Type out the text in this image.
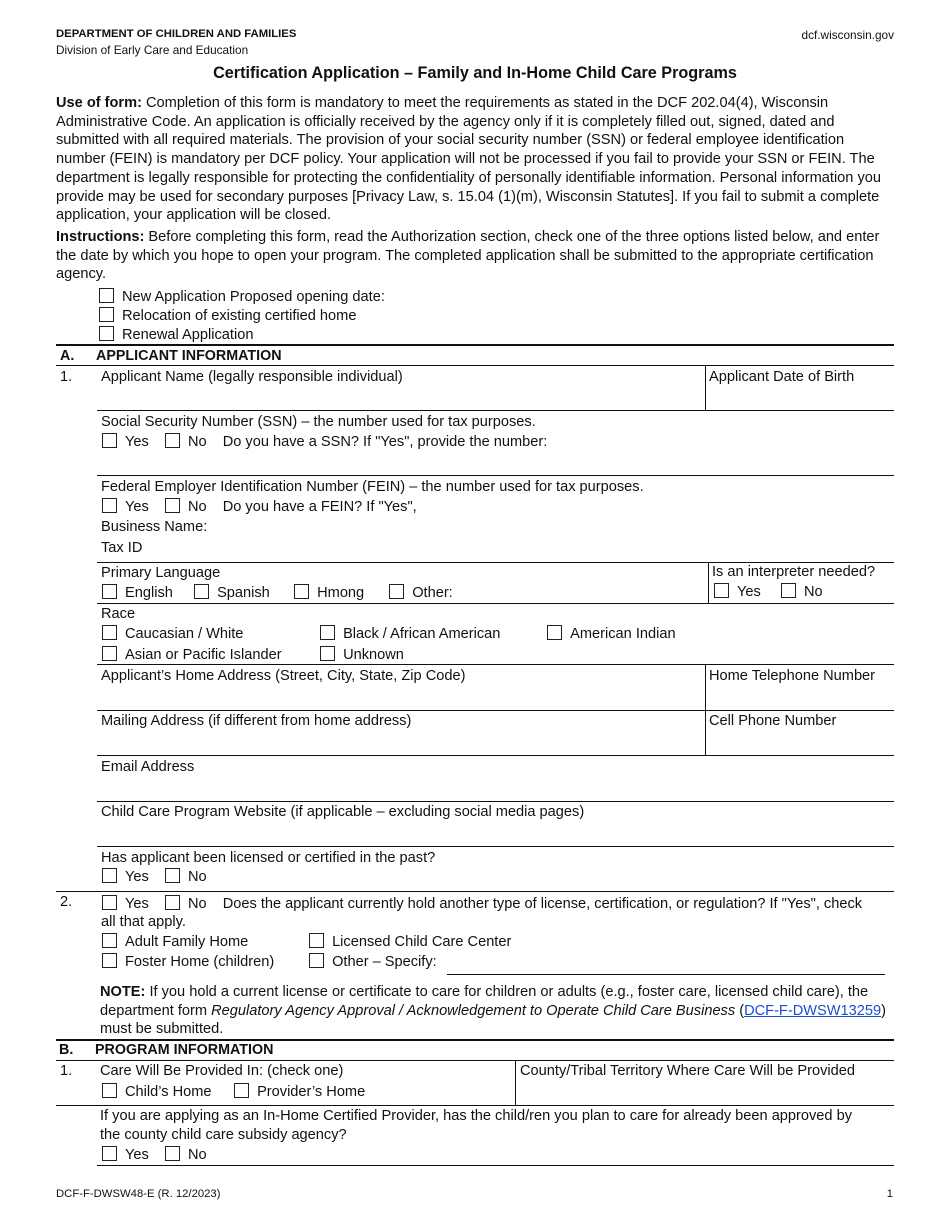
DEPARTMENT OF CHILDREN AND FAMILIES
Division of Early Care and Education
dcf.wisconsin.gov
Certification Application – Family and In-Home Child Care Programs
Use of form: Completion of this form is mandatory to meet the requirements as stated in the DCF 202.04(4), Wisconsin Administrative Code. An application is officially received by the agency only if it is completely filled out, signed, dated and submitted with all required materials. The provision of your social security number (SSN) or federal employee identification number (FEIN) is mandatory per DCF policy. Your application will not be processed if you fail to provide your SSN or FEIN. The department is legally responsible for protecting the confidentiality of personally identifiable information. Personal information you provide may be used for secondary purposes [Privacy Law, s. 15.04 (1)(m), Wisconsin Statutes]. If you fail to submit a complete application, your application will be closed.
Instructions: Before completing this form, read the Authorization section, check one of the three options listed below, and enter the date by which you hope to open your program. The completed application shall be submitted to the appropriate certification agency.
New Application Proposed opening date:
Relocation of existing certified home
Renewal Application
A. APPLICANT INFORMATION
1. Applicant Name (legally responsible individual)	Applicant Date of Birth
Social Security Number (SSN) – the number used for tax purposes.
Yes	No Do you have a SSN? If "Yes", provide the number:
Federal Employer Identification Number (FEIN) – the number used for tax purposes.
Yes	No Do you have a FEIN? If "Yes",
Business Name:
Tax ID
Primary Language
English	Spanish	Hmong	Other:
Is an interpreter needed?
Yes	No
Race
Caucasian / White	Black / African American	American Indian
Asian or Pacific Islander	Unknown
Applicant’s Home Address (Street, City, State, Zip Code)	Home Telephone Number
Mailing Address (if different from home address)	Cell Phone Number
Email Address
Child Care Program Website (if applicable – excluding social media pages)
Has applicant been licensed or certified in the past?
Yes	No
2.	Yes	No Does the applicant currently hold another type of license, certification, or regulation? If "Yes", check
all that apply.
Adult Family Home	Licensed Child Care Center
Foster Home (children)	Other – Specify:
NOTE: If you hold a current license or certificate to care for children or adults (e.g., foster care, licensed child care), the
department form Regulatory Agency Approval / Acknowledgement to Operate Child Care Business (DCF-F-DWSW13259)
must be submitted.
B. PROGRAM INFORMATION
1. Care Will Be Provided In: (check one)
Child’s Home	Provider’s Home
County/Tribal Territory Where Care Will be Provided
If you are applying as an In-Home Certified Provider, has the child/ren you plan to care for already been approved by
the county child care subsidy agency?
Yes	No
DCF-F-DWSW48-E (R. 12/2023)	1
